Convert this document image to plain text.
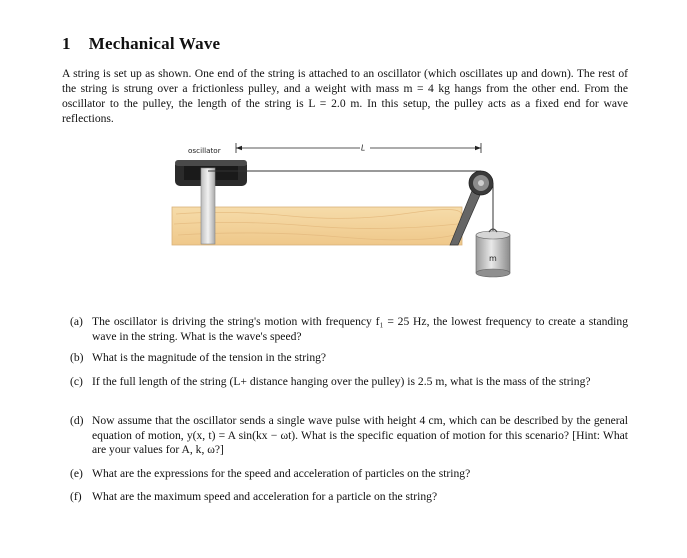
1 Mechanical Wave
A string is set up as shown. One end of the string is attached to an oscillator (which oscillates up and down). The rest of the string is strung over a frictionless pulley, and a weight with mass m = 4 kg hangs from the other end. From the oscillator to the pulley, the length of the string is L = 2.0 m. In this setup, the pulley acts as a fixed end for wave reflections.
oscillator	L
m
(a) The oscillator is driving the string's motion with frequency f₁ = 25 Hz, the lowest frequency to create a standing wave in the string. What is the wave's speed?
(b) What is the magnitude of the tension in the string?
(c) If the full length of the string (L+ distance hanging over the pulley) is 2.5 m, what is the mass of the string?
(d) Now assume that the oscillator sends a single wave pulse with height 4 cm, which can be described by the general equation of motion, y(x, t) = A sin(kx − ωt). What is the specific equation of motion for this scenario? [Hint: What are your values for A, k, ω?]
(e) What are the expressions for the speed and acceleration of particles on the string?
(f) What are the maximum speed and acceleration for a particle on the string?
